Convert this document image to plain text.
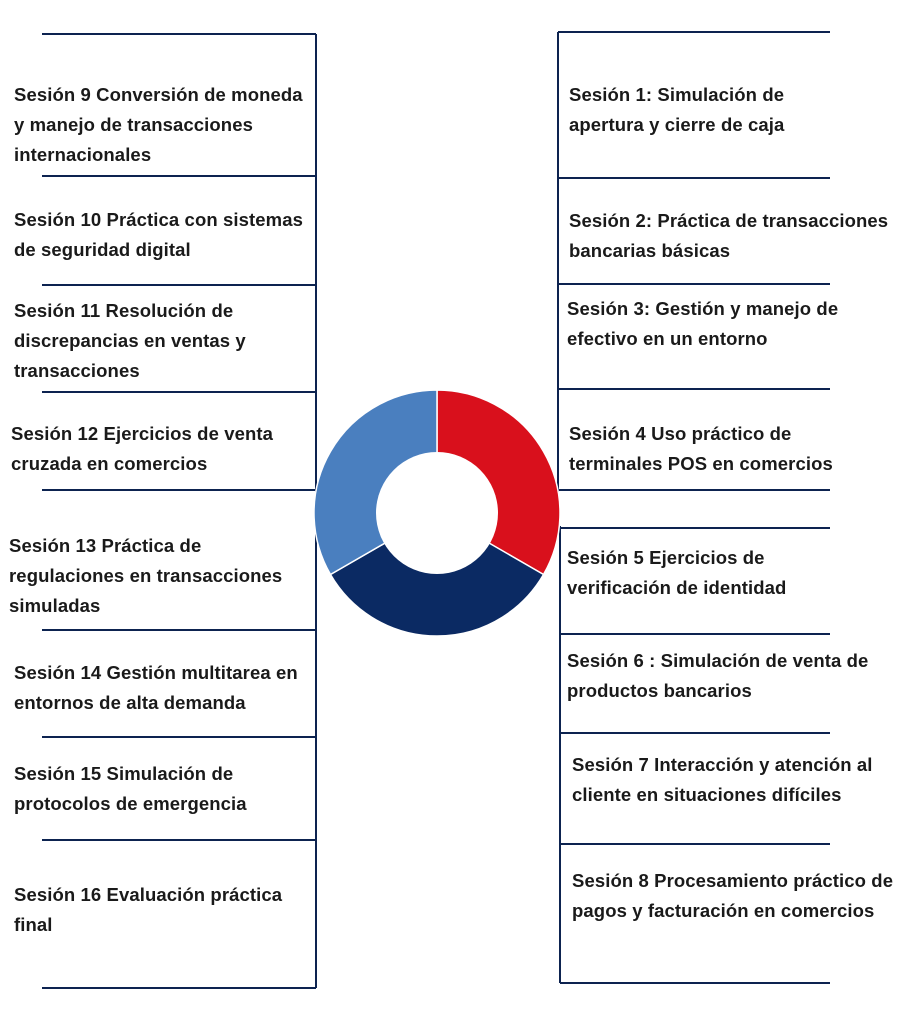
Sesión 9 Conversión de moneda y manejo de transacciones internacionales
Sesión 10 Práctica con sistemas de seguridad digital
Sesión 11 Resolución de discrepancias en ventas y transacciones
Sesión 12 Ejercicios de venta cruzada en comercios
Sesión 13 Práctica de regulaciones en transacciones simuladas
Sesión 14 Gestión multitarea en entornos de alta demanda
Sesión 15 Simulación de protocolos de emergencia
Sesión 16 Evaluación práctica final
Sesión 1: Simulación de apertura y cierre de caja
Sesión 2: Práctica de transacciones bancarias básicas
Sesión 3: Gestión y manejo de efectivo en un entorno
Sesión 4 Uso práctico de terminales POS en comercios
Sesión 5 Ejercicios de verificación de identidad
Sesión 6 : Simulación de venta de productos bancarios
Sesión 7 Interacción y atención al cliente en situaciones difíciles
Sesión 8 Procesamiento práctico de pagos y facturación en comercios
